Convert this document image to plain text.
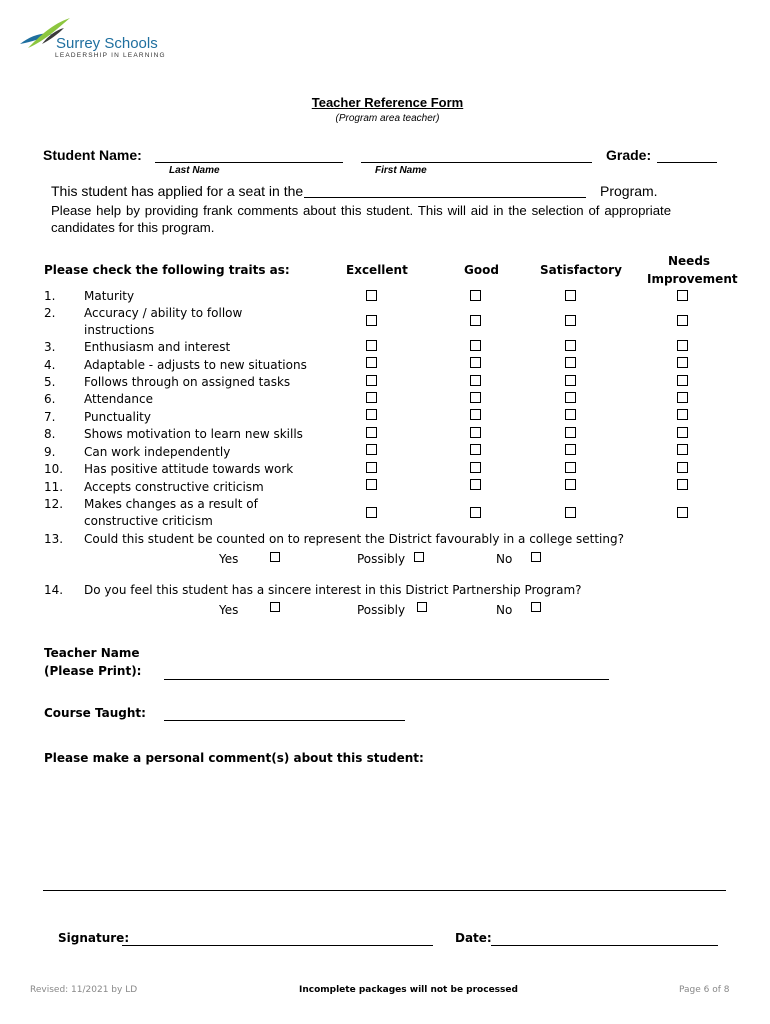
Surrey Schools
LEADERSHIP IN LEARNING
Teacher Reference Form
(Program area teacher)
Student Name:	Grade:
Last Name	First Name
This student has applied for a seat in the	Program.
Please help by providing frank comments about this student. This will aid in the selection of appropriate
candidates for this program.
Please check the following traits as:	Excellent	Good	Satisfactory
Needs
Improvement
1. Maturity
2. Accuracy / ability to follow
instructions
3. Enthusiasm and interest
4. Adaptable - adjusts to new situations
5. Follows through on assigned tasks
6. Attendance
7. Punctuality
8. Shows motivation to learn new skills
9. Can work independently
10. Has positive attitude towards work
11. Accepts constructive criticism
12. Makes changes as a result of
constructive criticism
13. Could this student be counted on to represent the District favourably in a college setting?
Yes	Possibly	No
14. Do you feel this student has a sincere interest in this District Partnership Program?
Yes	Possibly	No
Teacher Name
(Please Print):
Course Taught:
Please make a personal comment(s) about this student:
Signature:	Date:
Revised: 11/2021 by LD	Incomplete packages will not be processed	Page 6 of 8
